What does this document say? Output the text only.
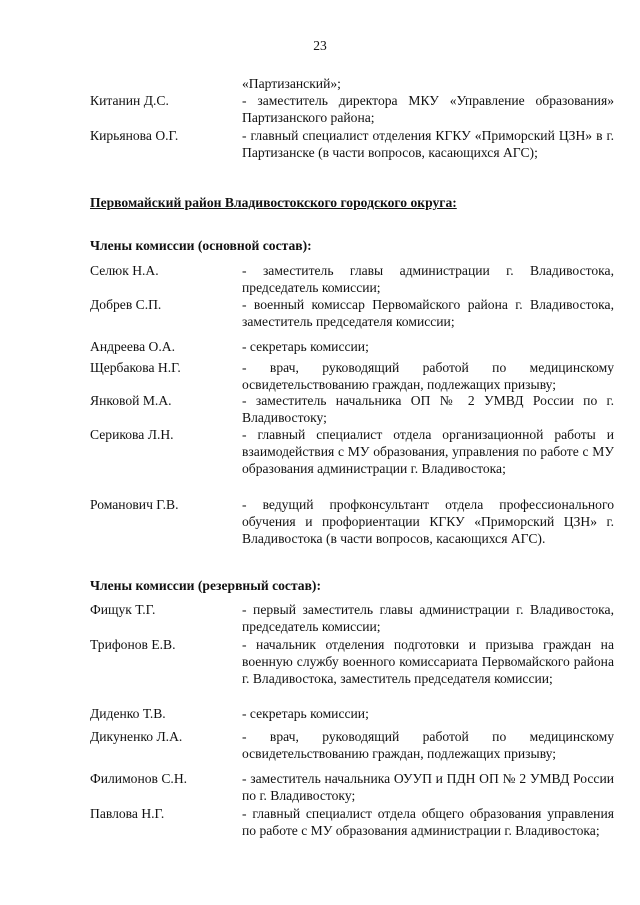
23
«Партизанский»;
Китанин Д.С.	- заместитель директора МКУ «Управление образования» Партизанского района;
Кирьянова О.Г.	- главный специалист отделения КГКУ «Приморский ЦЗН» в г. Партизанске (в части вопросов, касающихся АГС);
Первомайский район Владивостокского городского округа:
Члены комиссии (основной состав):
Селюк Н.А.	- заместитель главы администрации г. Владивостока, председатель комиссии;
Добрев С.П.	- военный комиссар Первомайского района г. Владивостока, заместитель председателя комиссии;
Андреева О.А.	- секретарь комиссии;
Щербакова Н.Г.	- врач, руководящий работой по медицинскому освидетельствованию граждан, подлежащих призыву;
Янковой М.А.	- заместитель начальника ОП № 2 УМВД России по г. Владивостоку;
Серикова Л.Н.	- главный специалист отдела организационной работы и взаимодействия с МУ образования, управления по работе с МУ образования администрации г. Владивостока;
Романович Г.В.	- ведущий профконсультант отдела профессионального обучения и профориентации КГКУ «Приморский ЦЗН» г. Владивостока (в части вопросов, касающихся АГС).
Члены комиссии (резервный состав):
Фищук Т.Г.	- первый заместитель главы администрации г. Владивостока, председатель комиссии;
Трифонов Е.В.	- начальник отделения подготовки и призыва граждан на военную службу военного комиссариата Первомайского района г. Владивостока, заместитель председателя комиссии;
Диденко Т.В.	- секретарь комиссии;
Дикуненко Л.А.	- врач, руководящий работой по медицинскому освидетельствованию граждан, подлежащих призыву;
Филимонов С.Н.	- заместитель начальника ОУУП и ПДН ОП № 2 УМВД России по г. Владивостоку;
Павлова Н.Г.	- главный специалист отдела общего образования управления по работе с МУ образования администрации г. Владивостока;
